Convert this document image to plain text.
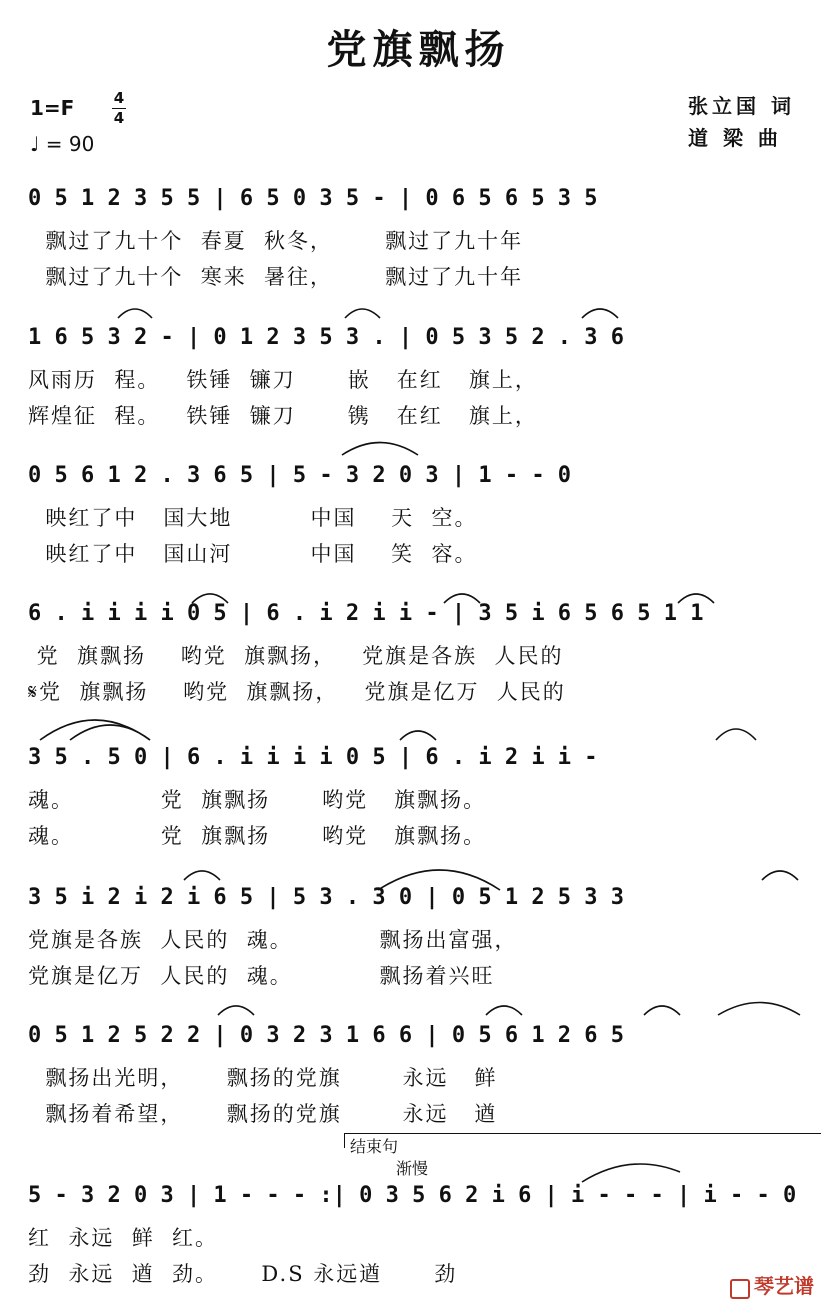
党旗飘扬
1=F	4
4
♩ = 90
张立国 词
道 梁 曲
0 5 1 2 3 5 5 | 6 5 0 3 5 - | 0 6 5 6 5 3 5
飘过了九十个  春夏  秋冬，      飘过了九十年
飘过了九十个  寒来  暑往，      飘过了九十年
1 6 5 3 2 - | 0 1 2 3 5 3 . | 0 5 3 5 2 . 3 6
风雨历  程。   铁锤  镰刀      嵌   在红   旗上，
辉煌征  程。   铁锤  镰刀      镌   在红   旗上，
0 5 6 1 2 . 3 6 5 | 5 - 3 2 0 3 | 1 - - 0
映红了中   国大地         中国    天  空。
映红了中   国山河         中国    笑  容。
6 . i i i i 0 5 | 6 . i 2 i i - | 3 5 i 6 5 6 5 1 1
党  旗飘扬    哟党  旗飘扬，   党旗是各族  人民的
𝄋党  旗飘扬    哟党  旗飘扬，   党旗是亿万  人民的
3 5 . 5 0 | 6 . i i i i 0 5 | 6 . i 2 i i -
魂。          党  旗飘扬      哟党   旗飘扬。
魂。          党  旗飘扬      哟党   旗飘扬。
3 5 i 2 i 2 i 6 5 | 5 3 . 3 0 | 0 5 1 2 5 3 3
党旗是各族  人民的  魂。          飘扬出富强，
党旗是亿万  人民的  魂。          飘扬着兴旺
0 5 1 2 5 2 2 | 0 3 2 3 1 6 6 | 0 5 6 1 2 6 5
飘扬出光明，     飘扬的党旗       永远   鲜
飘扬着希望，     飘扬的党旗       永远   遒
5 - 3 2 0 3 | 1 - - - :| 0 3 5 6 2 i 6 | i - - - | i - - 0
红  永远  鲜  红。
劲  永远  遒  劲。     D.S 永远遒      劲
结束句
渐慢
琴艺谱
